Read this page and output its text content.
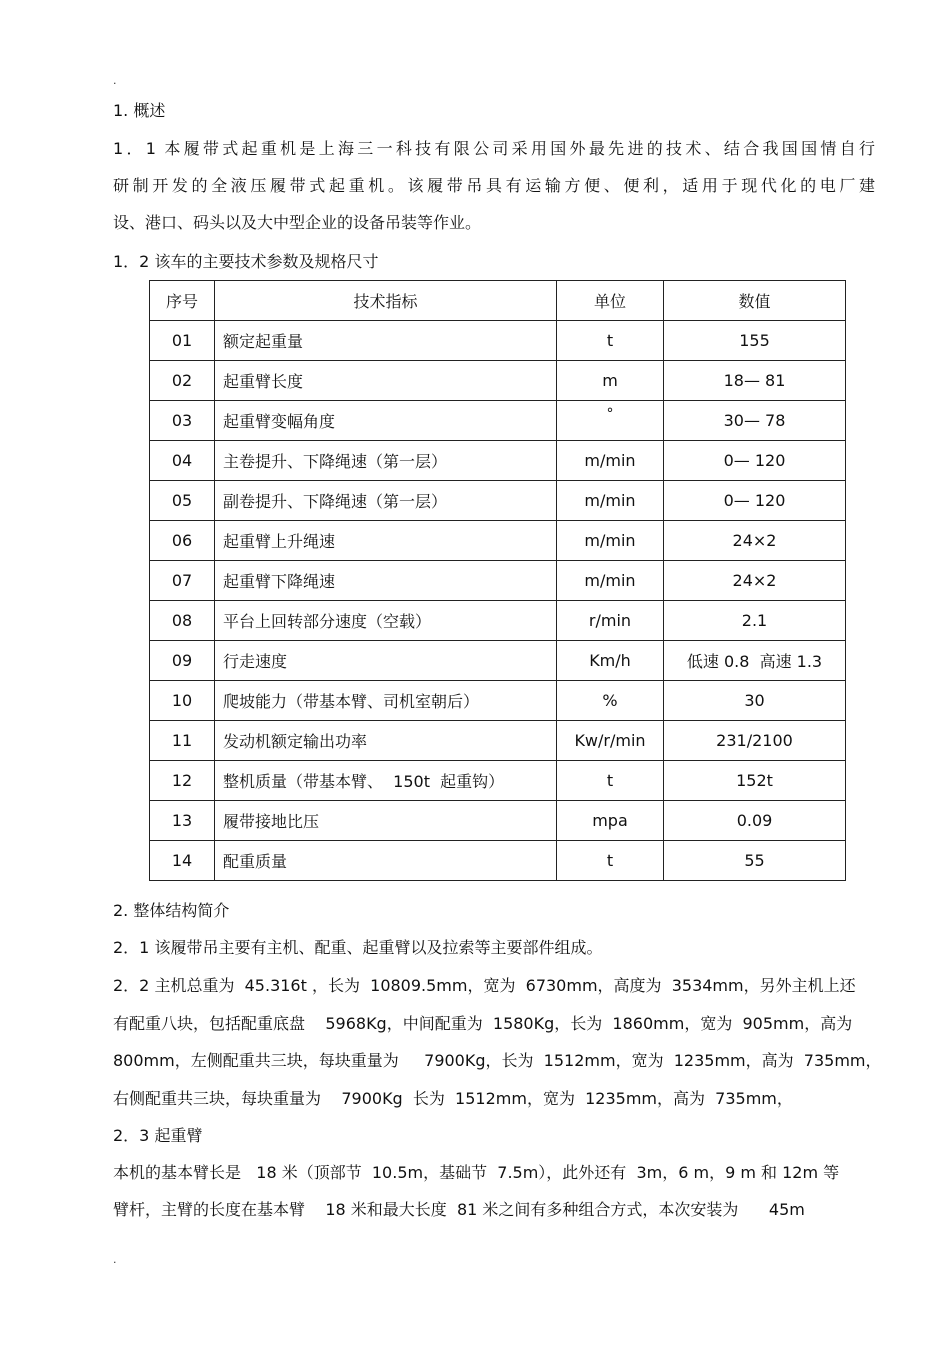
.
1. 概述
1．1 本履带式起重机是上海三一科技有限公司采用国外最先进的技术、结合我国国情自行
研制开发的全液压履带式起重机。该履带吊具有运输方便、便利，适用于现代化的电厂建
设、港口、码头以及大中型企业的设备吊装等作业。
1．2 该车的主要技术参数及规格尺寸
序号	技术指标	单位	数值
01	额定起重量	t	155
02	起重臂长度	m	18— 81
03	起重臂变幅角度	°	30— 78
04	主卷提升、下降绳速（第一层）	m/min	0— 120
05	副卷提升、下降绳速（第一层）	m/min	0— 120
06	起重臂上升绳速	m/min	24×2
07	起重臂下降绳速	m/min	24×2
08	平台上回转部分速度（空载）	r/min	2.1
09	行走速度	Km/h	低速 0.8  高速 1.3
10	爬坡能力（带基本臂、司机室朝后）	%	30
11	发动机额定输出功率	Kw/r/min	231/2100
12	整机质量（带基本臂、  150t  起重钩）	t	152t
13	履带接地比压	mpa	0.09
14	配重质量	t	55
2. 整体结构简介
2．1 该履带吊主要有主机、配重、起重臂以及拉索等主要部件组成。
2．2 主机总重为  45.316t ，长为  10809.5mm，宽为  6730mm，高度为  3534mm，另外主机上还
有配重八块，包括配重底盘    5968Kg，中间配重为  1580Kg，长为  1860mm，宽为  905mm，高为
800mm，左侧配重共三块，每块重量为     7900Kg，长为  1512mm，宽为  1235mm，高为  735mm，
右侧配重共三块，每块重量为    7900Kg  长为  1512mm，宽为  1235mm，高为  735mm，
2．3 起重臂
本机的基本臂长是   18 米（顶部节  10.5m，基础节  7.5m），此外还有  3m，6 m，9 m 和 12m 等
臂杆，主臂的长度在基本臂    18 米和最大长度  81 米之间有多种组合方式，本次安装为      45m
.
